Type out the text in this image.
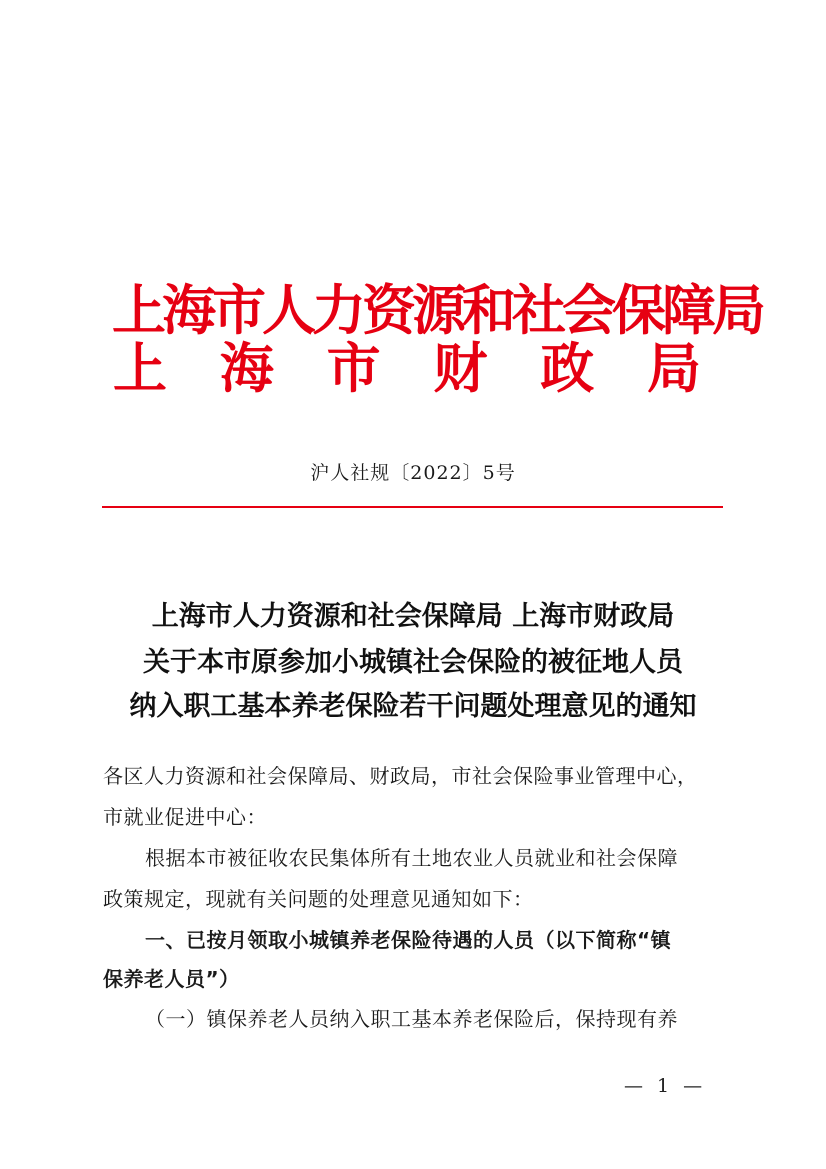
上海市人力资源和社会保障局
上 海 市 财 政 局
沪人社规〔2022〕5号
上海市人力资源和社会保障局 上海市财政局
关于本市原参加小城镇社会保险的被征地人员
纳入职工基本养老保险若干问题处理意见的通知
各区人力资源和社会保障局、财政局，市社会保险事业管理中心，
市就业促进中心：
根据本市被征收农民集体所有土地农业人员就业和社会保障
政策规定，现就有关问题的处理意见通知如下：
一、已按月领取小城镇养老保险待遇的人员（以下简称“镇
保养老人员”）
（一）镇保养老人员纳入职工基本养老保险后，保持现有养
— 1 —
